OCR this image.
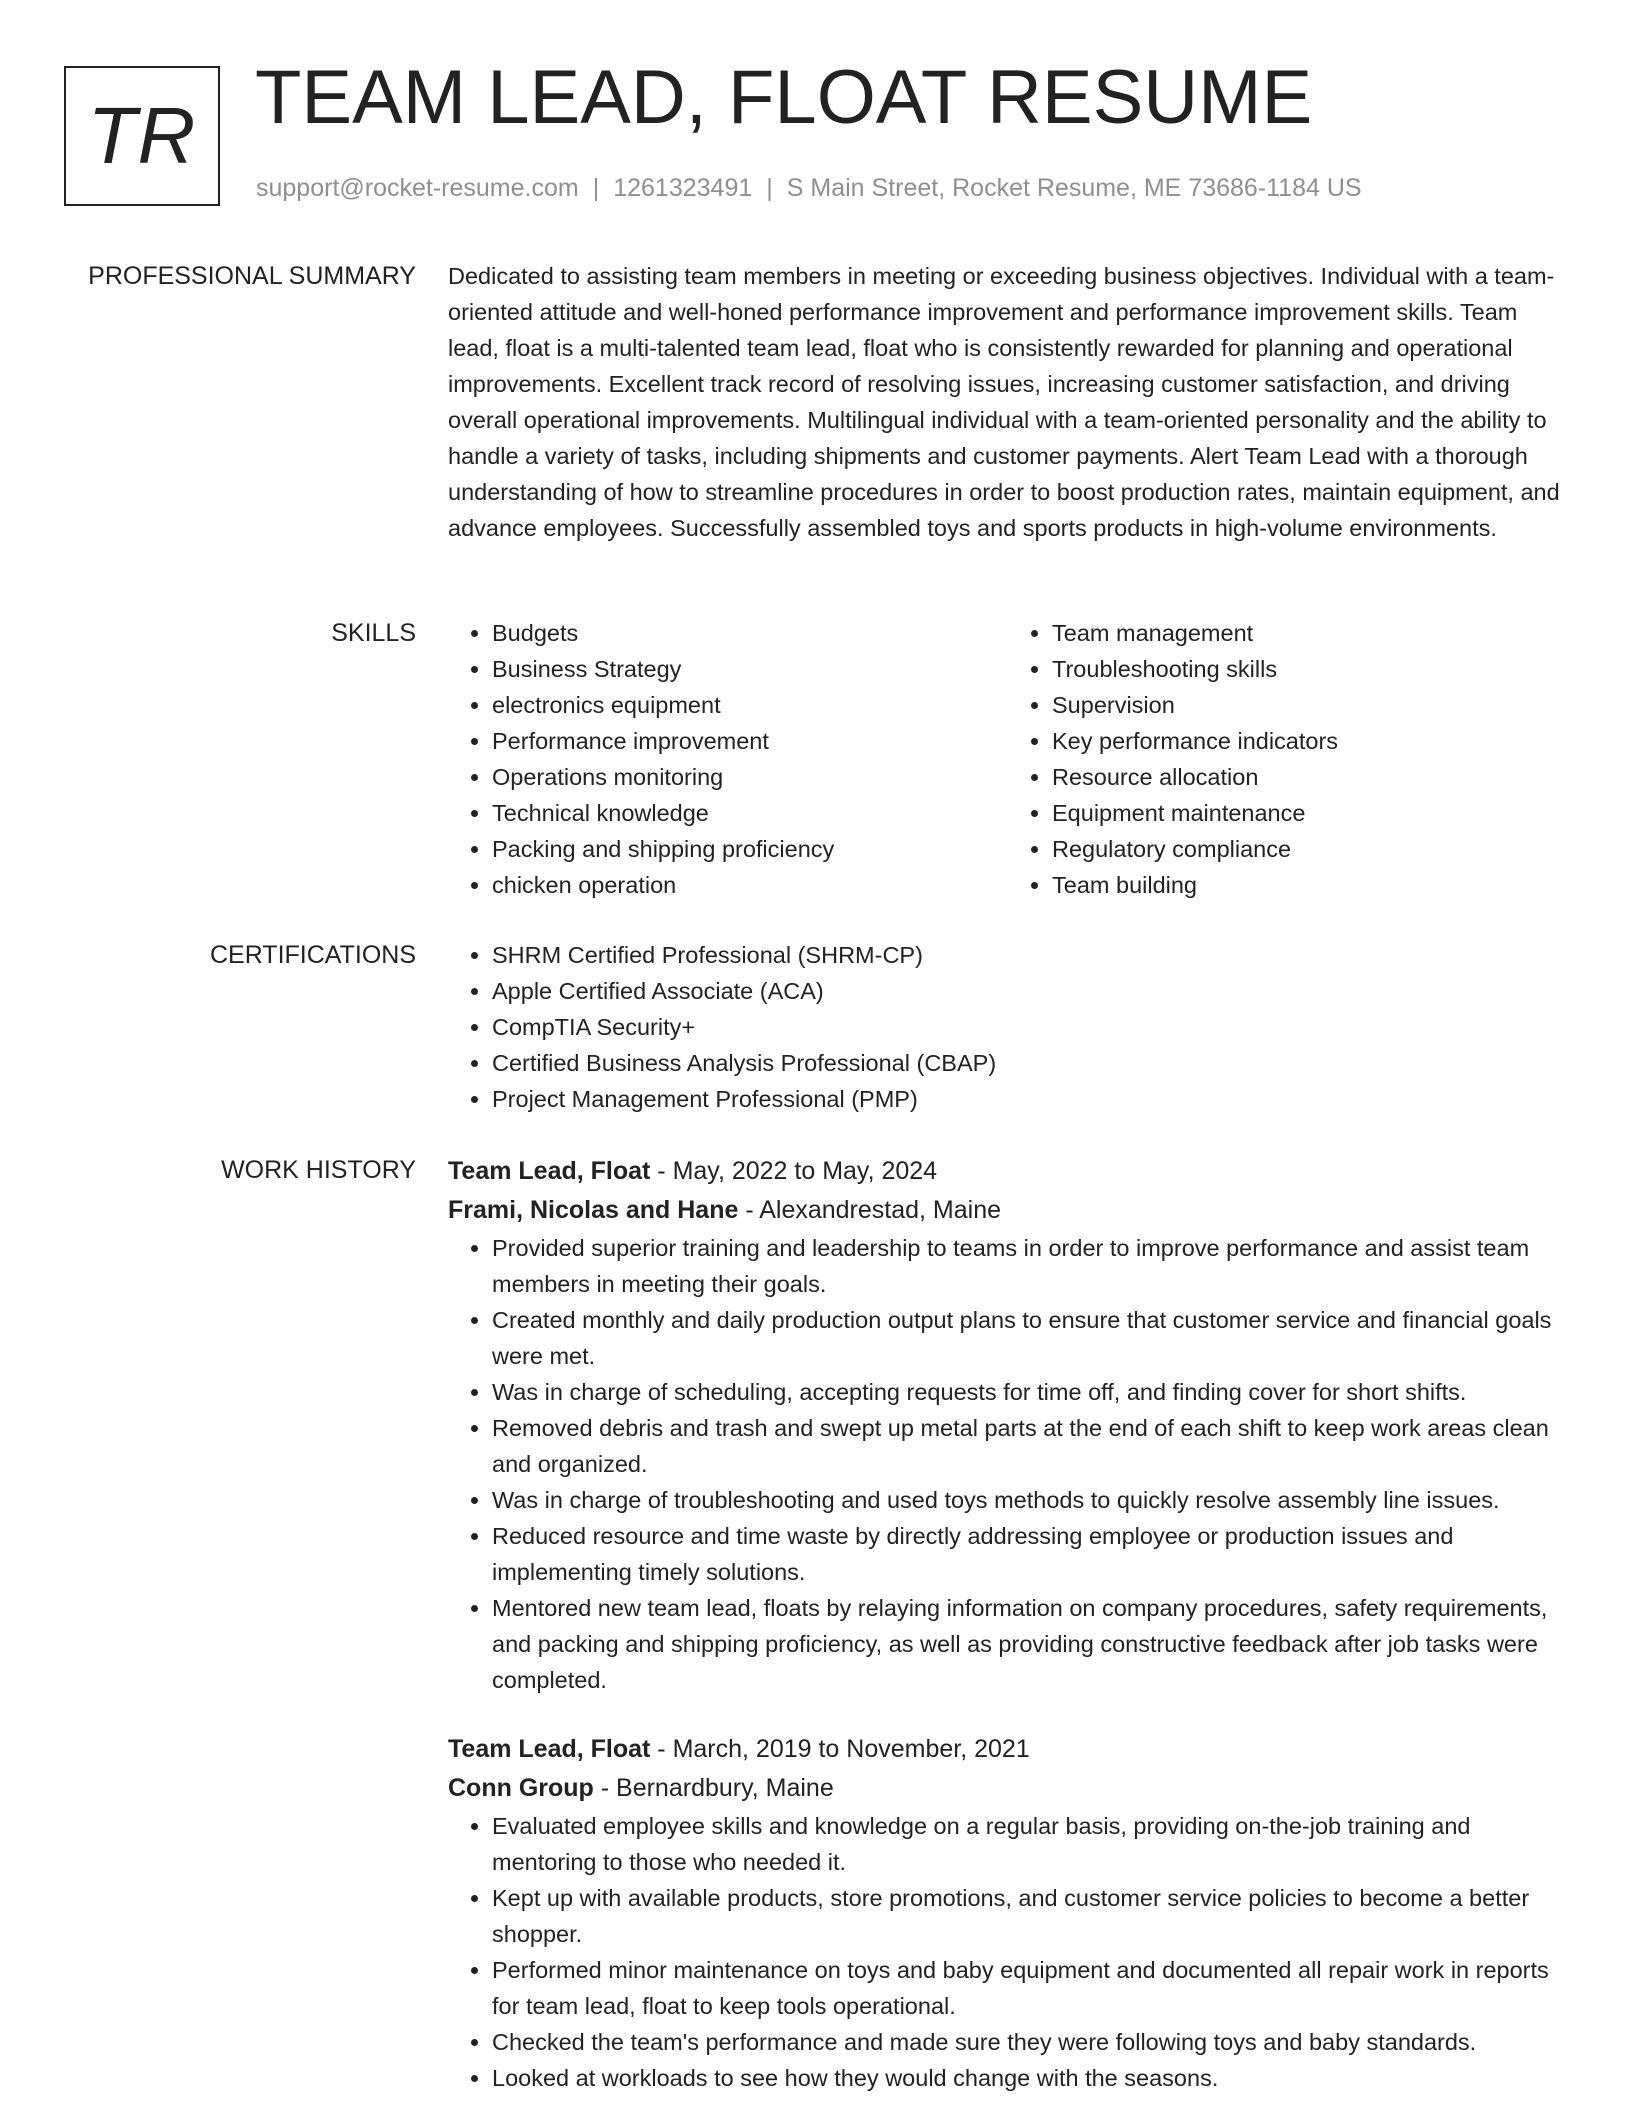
TR TEAM LEAD, FLOAT RESUME
support@rocket-resume.com | 1261323491 | S Main Street, Rocket Resume, ME 73686-1184 US
PROFESSIONAL SUMMARY Dedicated to assisting team members in meeting or exceeding business objectives. Individual with a team-oriented attitude and well-honed performance improvement and performance improvement skills. Team lead, float is a multi-talented team lead, float who is consistently rewarded for planning and operational improvements. Excellent track record of resolving issues, increasing customer satisfaction, and driving overall operational improvements. Multilingual individual with a team-oriented personality and the ability to handle a variety of tasks, including shipments and customer payments. Alert Team Lead with a thorough understanding of how to streamline procedures in order to boost production rates, maintain equipment, and advance employees. Successfully assembled toys and sports products in high-volume environments.

SKILLS	• Budgets
• Business Strategy
• electronics equipment
• Performance improvement
• Operations monitoring
• Technical knowledge
• Packing and shipping proficiency
• chicken operation
• Team management
• Troubleshooting skills
• Supervision
• Key performance indicators
• Resource allocation
• Equipment maintenance
• Regulatory compliance
• Team building
CERTIFICATIONS	• SHRM Certified Professional (SHRM-CP)
• Apple Certified Associate (ACA)
• CompTIA Security+
• Certified Business Analysis Professional (CBAP)
• Project Management Professional (PMP)
WORK HISTORY Team Lead, Float - May, 2022 to May, 2024
Frami, Nicolas and Hane - Alexandrestad, Maine
• Provided superior training and leadership to teams in order to improve performance and assist team members in meeting their goals.
• Created monthly and daily production output plans to ensure that customer service and financial goals were met.
• Was in charge of scheduling, accepting requests for time off, and finding cover for short shifts.
• Removed debris and trash and swept up metal parts at the end of each shift to keep work areas clean and organized.
• Was in charge of troubleshooting and used toys methods to quickly resolve assembly line issues.
• Reduced resource and time waste by directly addressing employee or production issues and implementing timely solutions.
• Mentored new team lead, floats by relaying information on company procedures, safety requirements, and packing and shipping proficiency, as well as providing constructive feedback after job tasks were completed.
Team Lead, Float - March, 2019 to November, 2021
Conn Group - Bernardbury, Maine
• Evaluated employee skills and knowledge on a regular basis, providing on-the-job training and mentoring to those who needed it.
• Kept up with available products, store promotions, and customer service policies to become a better shopper.
• Performed minor maintenance on toys and baby equipment and documented all repair work in reports for team lead, float to keep tools operational.
• Checked the team's performance and made sure they were following toys and baby standards.
• Looked at workloads to see how they would change with the seasons.
